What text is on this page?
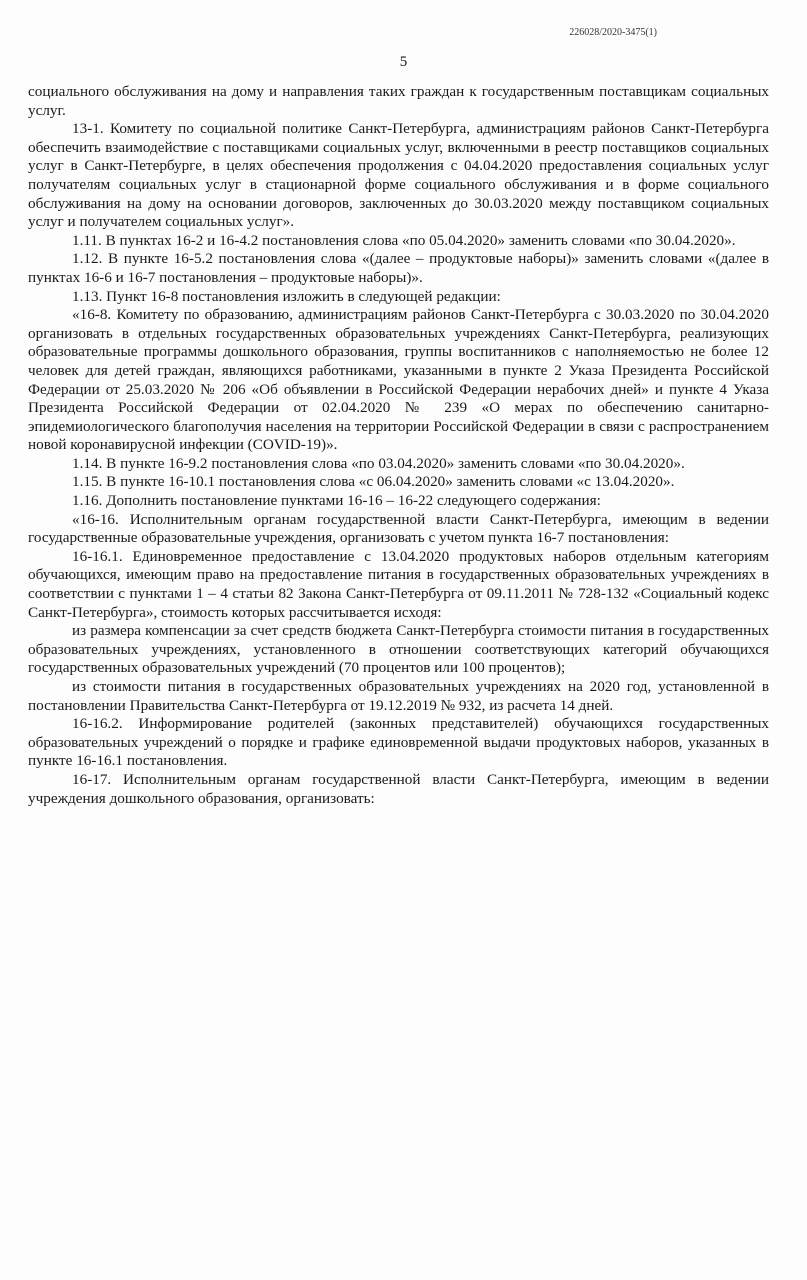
226028/2020-3475(1)
5

социального обслуживания на дому и направления таких граждан к государственным поставщикам социальных услуг.

13-1. Комитету по социальной политике Санкт-Петербурга, администрациям районов Санкт-Петербурга обеспечить взаимодействие с поставщиками социальных услуг, включенными в реестр поставщиков социальных услуг в Санкт-Петербурге, в целях обеспечения продолжения с 04.04.2020 предоставления социальных услуг получателям социальных услуг в стационарной форме социального обслуживания и в форме социального обслуживания на дому на основании договоров, заключенных до 30.03.2020 между поставщиком социальных услуг и получателем социальных услуг».

1.11. В пунктах 16-2 и 16-4.2 постановления слова «по 05.04.2020» заменить словами «по 30.04.2020».

1.12. В пункте 16-5.2 постановления слова «(далее – продуктовые наборы)» заменить словами «(далее в пунктах 16-6 и 16-7 постановления – продуктовые наборы)».

1.13. Пункт 16-8 постановления изложить в следующей редакции:

«16-8. Комитету по образованию, администрациям районов Санкт-Петербурга с 30.03.2020 по 30.04.2020 организовать в отдельных государственных образовательных учреждениях Санкт-Петербурга, реализующих образовательные программы дошкольного образования, группы воспитанников с наполняемостью не более 12 человек для детей граждан, являющихся работниками, указанными в пункте 2 Указа Президента Российской Федерации от 25.03.2020 № 206 «Об объявлении в Российской Федерации нерабочих дней» и пункте 4 Указа Президента Российской Федерации от 02.04.2020 № 239 «О мерах по обеспечению санитарно-эпидемиологического благополучия населения на территории Российской Федерации в связи с распространением новой коронавирусной инфекции (COVID-19)».

1.14. В пункте 16-9.2 постановления слова «по 03.04.2020» заменить словами «по 30.04.2020».

1.15. В пункте 16-10.1 постановления слова «с 06.04.2020» заменить словами «с 13.04.2020».

1.16. Дополнить постановление пунктами 16-16 – 16-22 следующего содержания:

«16-16. Исполнительным органам государственной власти Санкт-Петербурга, имеющим в ведении государственные образовательные учреждения, организовать с учетом пункта 16-7 постановления:

16-16.1. Единовременное предоставление с 13.04.2020 продуктовых наборов отдельным категориям обучающихся, имеющим право на предоставление питания в государственных образовательных учреждениях в соответствии с пунктами 1 – 4 статьи 82 Закона Санкт-Петербурга от 09.11.2011 № 728-132 «Социальный кодекс Санкт-Петербурга», стоимость которых рассчитывается исходя:

из размера компенсации за счет средств бюджета Санкт-Петербурга стоимости питания в государственных образовательных учреждениях, установленного в отношении соответствующих категорий обучающихся государственных образовательных учреждений (70 процентов или 100 процентов);

из стоимости питания в государственных образовательных учреждениях на 2020 год, установленной в постановлении Правительства Санкт-Петербурга от 19.12.2019 № 932, из расчета 14 дней.

16-16.2. Информирование родителей (законных представителей) обучающихся государственных образовательных учреждений о порядке и графике единовременной выдачи продуктовых наборов, указанных в пункте 16-16.1 постановления.

16-17. Исполнительным органам государственной власти Санкт-Петербурга, имеющим в ведении учреждения дошкольного образования, организовать:
